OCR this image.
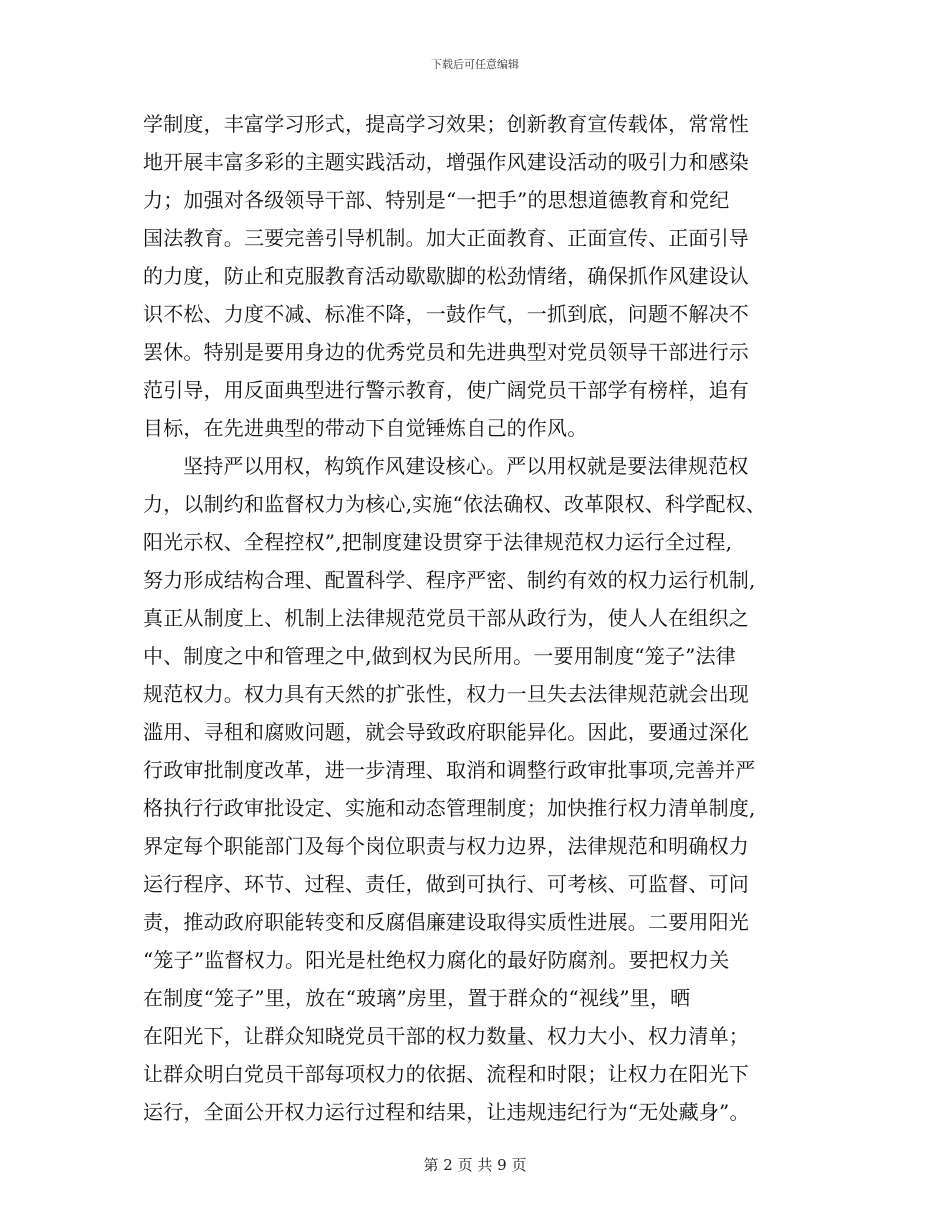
下载后可任意编辑
学制度，丰富学习形式，提高学习效果；创新教育宣传载体，常常性
地开展丰富多彩的主题实践活动，增强作风建设活动的吸引力和感染
力；加强对各级领导干部、特别是“一把手”的思想道德教育和党纪
国法教育。三要完善引导机制。加大正面教育、正面宣传、正面引导
的力度，防止和克服教育活动歇歇脚的松劲情绪，确保抓作风建设认
识不松、力度不减、标准不降，一鼓作气，一抓到底，问题不解决不
罢休。特别是要用身边的优秀党员和先进典型对党员领导干部进行示
范引导，用反面典型进行警示教育，使广阔党员干部学有榜样，追有
目标，在先进典型的带动下自觉锤炼自己的作风。
坚持严以用权，构筑作风建设核心。严以用权就是要法律规范权
力，以制约和监督权力为核心,实施“依法确权、改革限权、科学配权、
阳光示权、全程控权”,把制度建设贯穿于法律规范权力运行全过程,
努力形成结构合理、配置科学、程序严密、制约有效的权力运行机制,
真正从制度上、机制上法律规范党员干部从政行为，使人人在组织之
中、制度之中和管理之中,做到权为民所用。一要用制度“笼子”法律
规范权力。权力具有天然的扩张性，权力一旦失去法律规范就会出现
滥用、寻租和腐败问题，就会导致政府职能异化。因此，要通过深化
行政审批制度改革，进一步清理、取消和调整行政审批事项,完善并严
格执行行政审批设定、实施和动态管理制度；加快推行权力清单制度,
界定每个职能部门及每个岗位职责与权力边界，法律规范和明确权力
运行程序、环节、过程、责任，做到可执行、可考核、可监督、可问
责，推动政府职能转变和反腐倡廉建设取得实质性进展。二要用阳光
“笼子”监督权力。阳光是杜绝权力腐化的最好防腐剂。要把权力关
在制度“笼子”里，放在“玻璃”房里，置于群众的“视线”里，晒
在阳光下，让群众知晓党员干部的权力数量、权力大小、权力清单；
让群众明白党员干部每项权力的依据、流程和时限；让权力在阳光下
运行，全面公开权力运行过程和结果，让违规违纪行为“无处藏身”。
第 2 页 共 9 页
